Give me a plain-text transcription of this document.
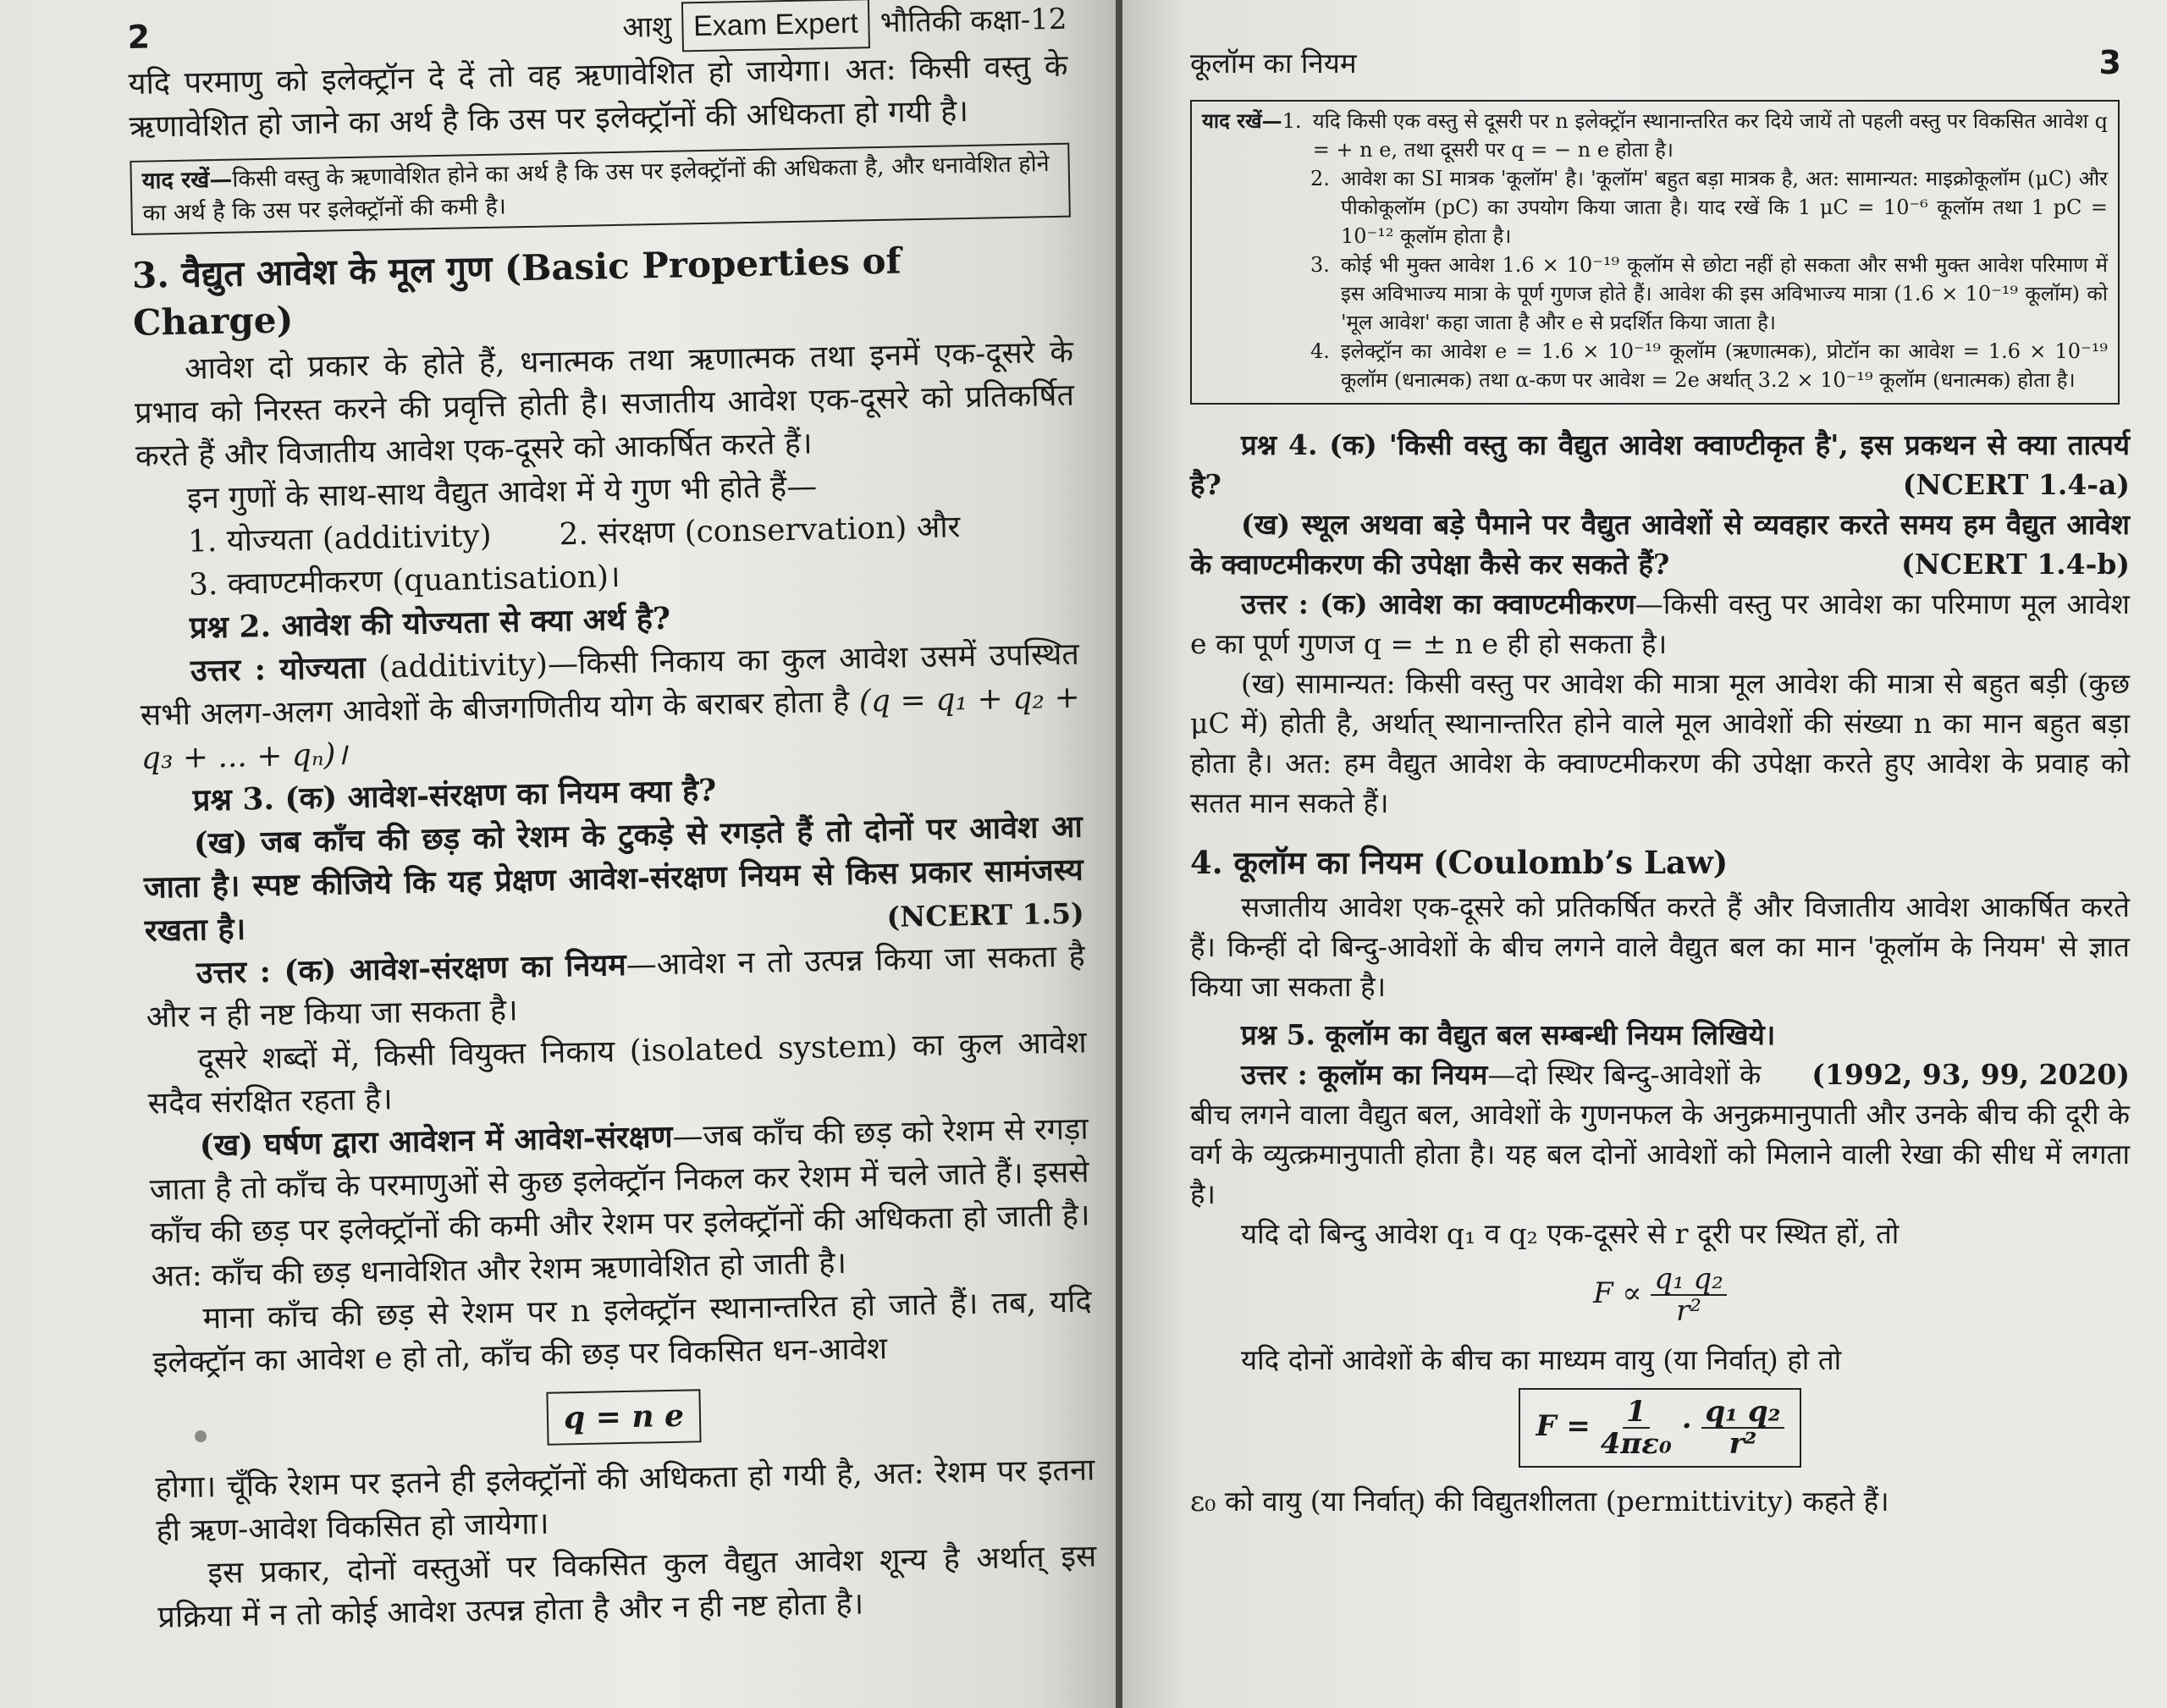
2	आशु Exam Expert भौतिकी कक्षा-12

यदि परमाणु को इलेक्ट्रॉन दे दें तो वह ऋणावेशित हो जायेगा। अत: किसी वस्तु के ऋणावेशित हो जाने का अर्थ है कि उस पर इलेक्ट्रॉनों की अधिकता हो गयी है।

याद रखें—किसी वस्तु के ऋणावेशित होने का अर्थ है कि उस पर इलेक्ट्रॉनों की अधिकता है, और धनावेशित होने का अर्थ है कि उस पर इलेक्ट्रॉनों की कमी है।
3. वैद्युत आवेश के मूल गुण (Basic Properties of Charge)

आवेश दो प्रकार के होते हैं, धनात्मक तथा ऋणात्मक तथा इनमें एक-दूसरे के प्रभाव को निरस्त करने की प्रवृत्ति होती है। सजातीय आवेश एक-दूसरे को प्रतिकर्षित करते हैं और विजातीय आवेश एक-दूसरे को आकर्षित करते हैं।

इन गुणों के साथ-साथ वैद्युत आवेश में ये गुण भी होते हैं—

1. योज्यता (additivity) 2. संरक्षण (conservation) और
3. क्वाण्टमीकरण (quantisation)।

प्रश्न 2. आवेश की योज्यता से क्या अर्थ है?

उत्तर : योज्यता (additivity)—किसी निकाय का कुल आवेश उसमें उपस्थित सभी अलग-अलग आवेशों के बीजगणितीय योग के बराबर होता है (q = q₁ + q₂ + q₃ + ... + qₙ)।

प्रश्न 3. (क) आवेश-संरक्षण का नियम क्या है?

(ख) जब काँच की छड़ को रेशम के टुकड़े से रगड़ते हैं तो दोनों पर आवेश आ जाता है। स्पष्ट कीजिये कि यह प्रेक्षण आवेश-संरक्षण नियम से किस प्रकार सामंजस्य रखता है।	(NCERT 1.5)

उत्तर : (क) आवेश-संरक्षण का नियम—आवेश न तो उत्पन्न किया जा सकता है और न ही नष्ट किया जा सकता है।

दूसरे शब्दों में, किसी वियुक्त निकाय (isolated system) का कुल आवेश सदैव संरक्षित रहता है।

(ख) घर्षण द्वारा आवेशन में आवेश-संरक्षण—जब काँच की छड़ को रेशम से रगड़ा जाता है तो काँच के परमाणुओं से कुछ इलेक्ट्रॉन निकल कर रेशम में चले जाते हैं। इससे काँच की छड़ पर इलेक्ट्रॉनों की कमी और रेशम पर इलेक्ट्रॉनों की अधिकता हो जाती है। अत: काँच की छड़ धनावेशित और रेशम ऋणावेशित हो जाती है।

माना काँच की छड़ से रेशम पर n इलेक्ट्रॉन स्थानान्तरित हो जाते हैं। तब, यदि इलेक्ट्रॉन का आवेश e हो तो, काँच की छड़ पर विकसित धन-आवेश

q = n e

होगा। चूँकि रेशम पर इतने ही इलेक्ट्रॉनों की अधिकता हो गयी है, अत: रेशम पर इतना ही ऋण-आवेश विकसित हो जायेगा।

इस प्रकार, दोनों वस्तुओं पर विकसित कुल वैद्युत आवेश शून्य है अर्थात् इस प्रक्रिया में न तो कोई आवेश उत्पन्न होता है और न ही नष्ट होता है।

कूलॉम का नियम	3
याद रखें— 1. यदि किसी एक वस्तु से दूसरी पर n इलेक्ट्रॉन स्थानान्तरित कर दिये जायें तो पहली वस्तु पर विकसित आवेश q = + n e, तथा दूसरी पर q = − n e होता है।
2. आवेश का SI मात्रक 'कूलॉम' है। 'कूलॉम' बहुत बड़ा मात्रक है, अत: सामान्यत: माइक्रोकूलॉम (μC) और पीकोकूलॉम (pC) का उपयोग किया जाता है। याद रखें कि 1 μC = 10⁻⁶ कूलॉम तथा 1 pC = 10⁻¹² कूलॉम होता है।
3. कोई भी मुक्त आवेश 1.6 × 10⁻¹⁹ कूलॉम से छोटा नहीं हो सकता और सभी मुक्त आवेश परिमाण में इस अविभाज्य मात्रा के पूर्ण गुणज होते हैं। आवेश की इस अविभाज्य मात्रा (1.6 × 10⁻¹⁹ कूलॉम) को 'मूल आवेश' कहा जाता है और e से प्रदर्शित किया जाता है।
4. इलेक्ट्रॉन का आवेश e = 1.6 × 10⁻¹⁹ कूलॉम (ऋणात्मक), प्रोटॉन का आवेश = 1.6 × 10⁻¹⁹ कूलॉम (धनात्मक) तथा α-कण पर आवेश = 2e अर्थात् 3.2 × 10⁻¹⁹ कूलॉम (धनात्मक) होता है।

प्रश्न 4. (क) 'किसी वस्तु का वैद्युत आवेश क्वाण्टीकृत है', इस प्रकथन से क्या तात्पर्य है?	(NCERT 1.4-a)

(ख) स्थूल अथवा बड़े पैमाने पर वैद्युत आवेशों से व्यवहार करते समय हम वैद्युत आवेश के क्वाण्टमीकरण की उपेक्षा कैसे कर सकते हैं?	(NCERT 1.4-b)

उत्तर : (क) आवेश का क्वाण्टमीकरण—किसी वस्तु पर आवेश का परिमाण मूल आवेश e का पूर्ण गुणज q = ± n e ही हो सकता है।

(ख) सामान्यत: किसी वस्तु पर आवेश की मात्रा मूल आवेश की मात्रा से बहुत बड़ी (कुछ μC में) होती है, अर्थात् स्थानान्तरित होने वाले मूल आवेशों की संख्या n का मान बहुत बड़ा होता है। अत: हम वैद्युत आवेश के क्वाण्टमीकरण की उपेक्षा करते हुए आवेश के प्रवाह को सतत मान सकते हैं।

4. कूलॉम का नियम (Coulomb’s Law)

सजातीय आवेश एक-दूसरे को प्रतिकर्षित करते हैं और विजातीय आवेश आकर्षित करते हैं। किन्हीं दो बिन्दु-आवेशों के बीच लगने वाले वैद्युत बल का मान 'कूलॉम के नियम' से ज्ञात किया जा सकता है।

प्रश्न 5. कूलॉम का वैद्युत बल सम्बन्धी नियम लिखिये।
(1992, 93, 99, 2020)

उत्तर : कूलॉम का नियम—दो स्थिर बिन्दु-आवेशों के बीच लगने वाला वैद्युत बल, आवेशों के गुणनफल के अनुक्रमानुपाती और उनके बीच की दूरी के वर्ग के व्युत्क्रमानुपाती होता है। यह बल दोनों आवेशों को मिलाने वाली रेखा की सीध में लगता है।

यदि दो बिन्दु आवेश q₁ व q₂ एक-दूसरे से r दूरी पर स्थित हों, तो

$F \propto \frac{\text{q₁ q₂}}{\text{r²}}$

यदि दोनों आवेशों के बीच का माध्यम वायु (या निर्वात्) हो तो

$F = \frac{1}{\text{4πε₀}} \cdot \frac{\text{q₁ q₂}}{\text{r²}}$

ε₀ को वायु (या निर्वात्) की विद्युतशीलता (permittivity) कहते हैं।
